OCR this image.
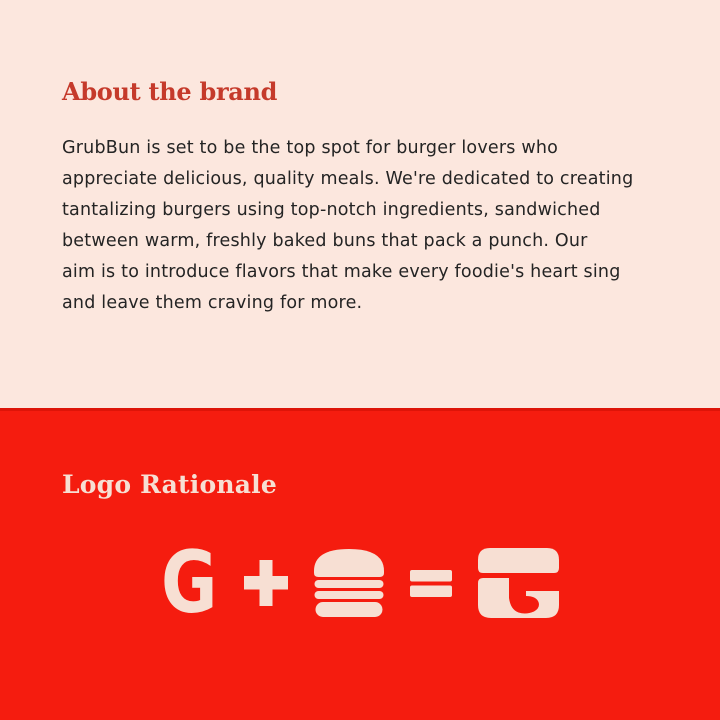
About the brand
GrubBun is set to be the top spot for burger lovers who
appreciate delicious, quality meals. We're dedicated to creating
tantalizing burgers using top-notch ingredients, sandwiched
between warm, freshly baked buns that pack a punch. Our
aim is to introduce flavors that make every foodie's heart sing
and leave them craving for more.
Logo Rationale
G
